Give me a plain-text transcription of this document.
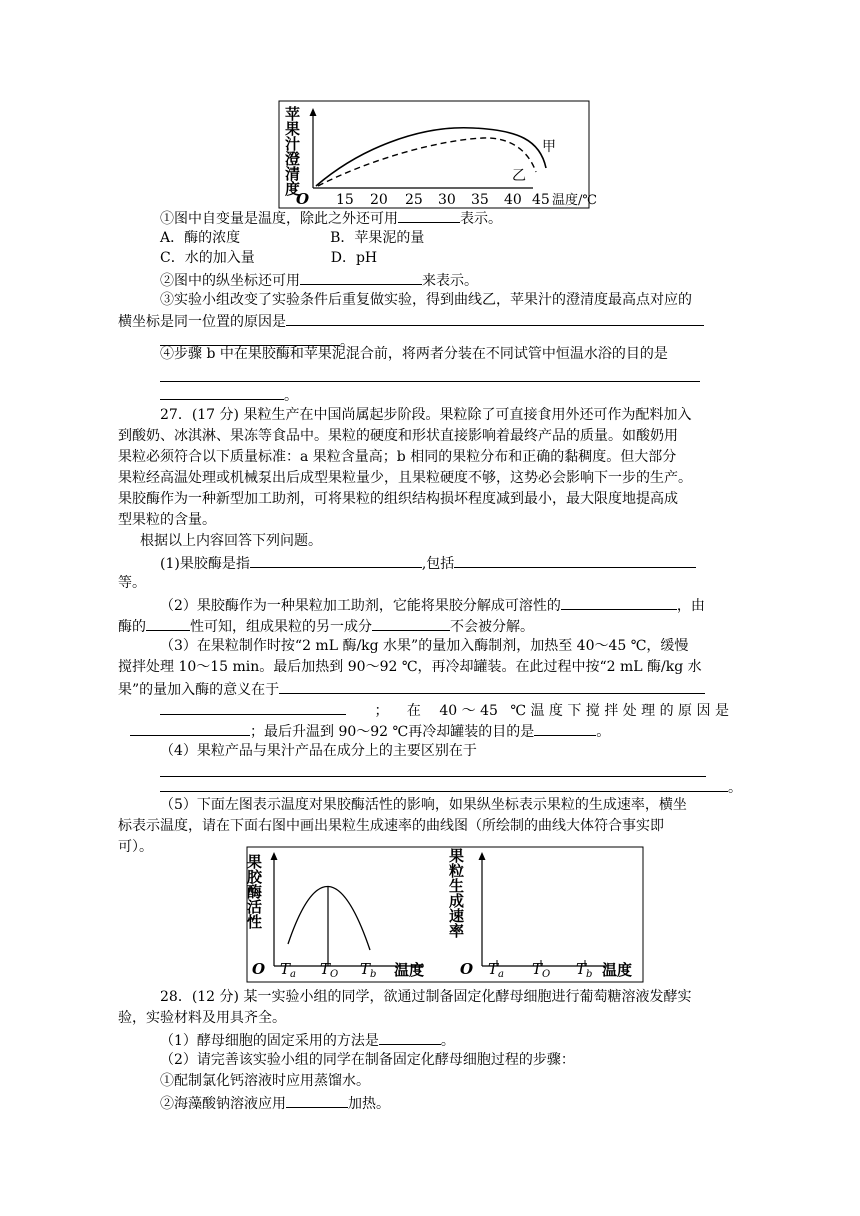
苹果汁澄清度	甲
乙
O 15 20 25 30 35 40 45 温度/℃
①图中自变量是温度，除此之外还可用	表示。
A．酶的浓度	B．苹果泥的量
C．水的加入量	D．pH
②图中的纵坐标还可用	来表示。
③实验小组改变了实验条件后重复做实验，得到曲线乙，苹果汁的澄清度最高点对应的
横坐标是同一位置的原因是
。
④步骤 b 中在果胶酶和苹果泥混合前，将两者分装在不同试管中恒温水浴的目的是
。
27．(17 分) 果粒生产在中国尚属起步阶段。果粒除了可直接食用外还可作为配料加入
到酸奶、冰淇淋、果冻等食品中。果粒的硬度和形状直接影响着最终产品的质量。如酸奶用
果粒必须符合以下质量标准：a 果粒含量高；b 相同的果粒分布和正确的黏稠度。但大部分
果粒经高温处理或机械泵出后成型果粒量少，且果粒硬度不够，这势必会影响下一步的生产。
果胶酶作为一种新型加工助剂，可将果粒的组织结构损坏程度减到最小，最大限度地提高成
型果粒的含量。
根据以上内容回答下列问题。
(1)果胶酶是指	,包括
等。
（2）果胶酶作为一种果粒加工助剂，它能将果胶分解成可溶性的	，由
酶的	性可知，组成果粒的另一成分	不会被分解。
（3）在果粒制作时按“2 mL 酶/kg 水果”的量加入酶制剂，加热至 40～45 ℃，缓慢
搅拌处理 10～15 min。最后加热到 90～92 ℃，再冷却罐装。在此过程中按“2 mL 酶/kg 水
果”的量加入酶的意义在于
； 在 40 ～ 45 ℃ 温 度 下 搅 拌 处 理 的 原 因 是
；最后升温到 90～92 ℃再冷却罐装的目的是	。
（4）果粒产品与果汁产品在成分上的主要区别在于
。
（5）下面左图表示温度对果胶酶活性的影响，如果纵坐标表示果粒的生成速率，横坐
标表示温度，请在下面右图中画出果粒生成速率的曲线图（所绘制的曲线大体符合事实即
可）。
果胶酶活性
O $T_a$ $T_O$ $T_b$ 温度
果粒生成速率
O $T_a$ $T_O$ $T_b$ 温度
28．(12 分) 某一实验小组的同学，欲通过制备固定化酵母细胞进行葡萄糖溶液发酵实
验，实验材料及用具齐全。
（1）酵母细胞的固定采用的方法是	。
（2）请完善该实验小组的同学在制备固定化酵母细胞过程的步骤：
①配制氯化钙溶液时应用蒸馏水。
②海藻酸钠溶液应用	加热。
